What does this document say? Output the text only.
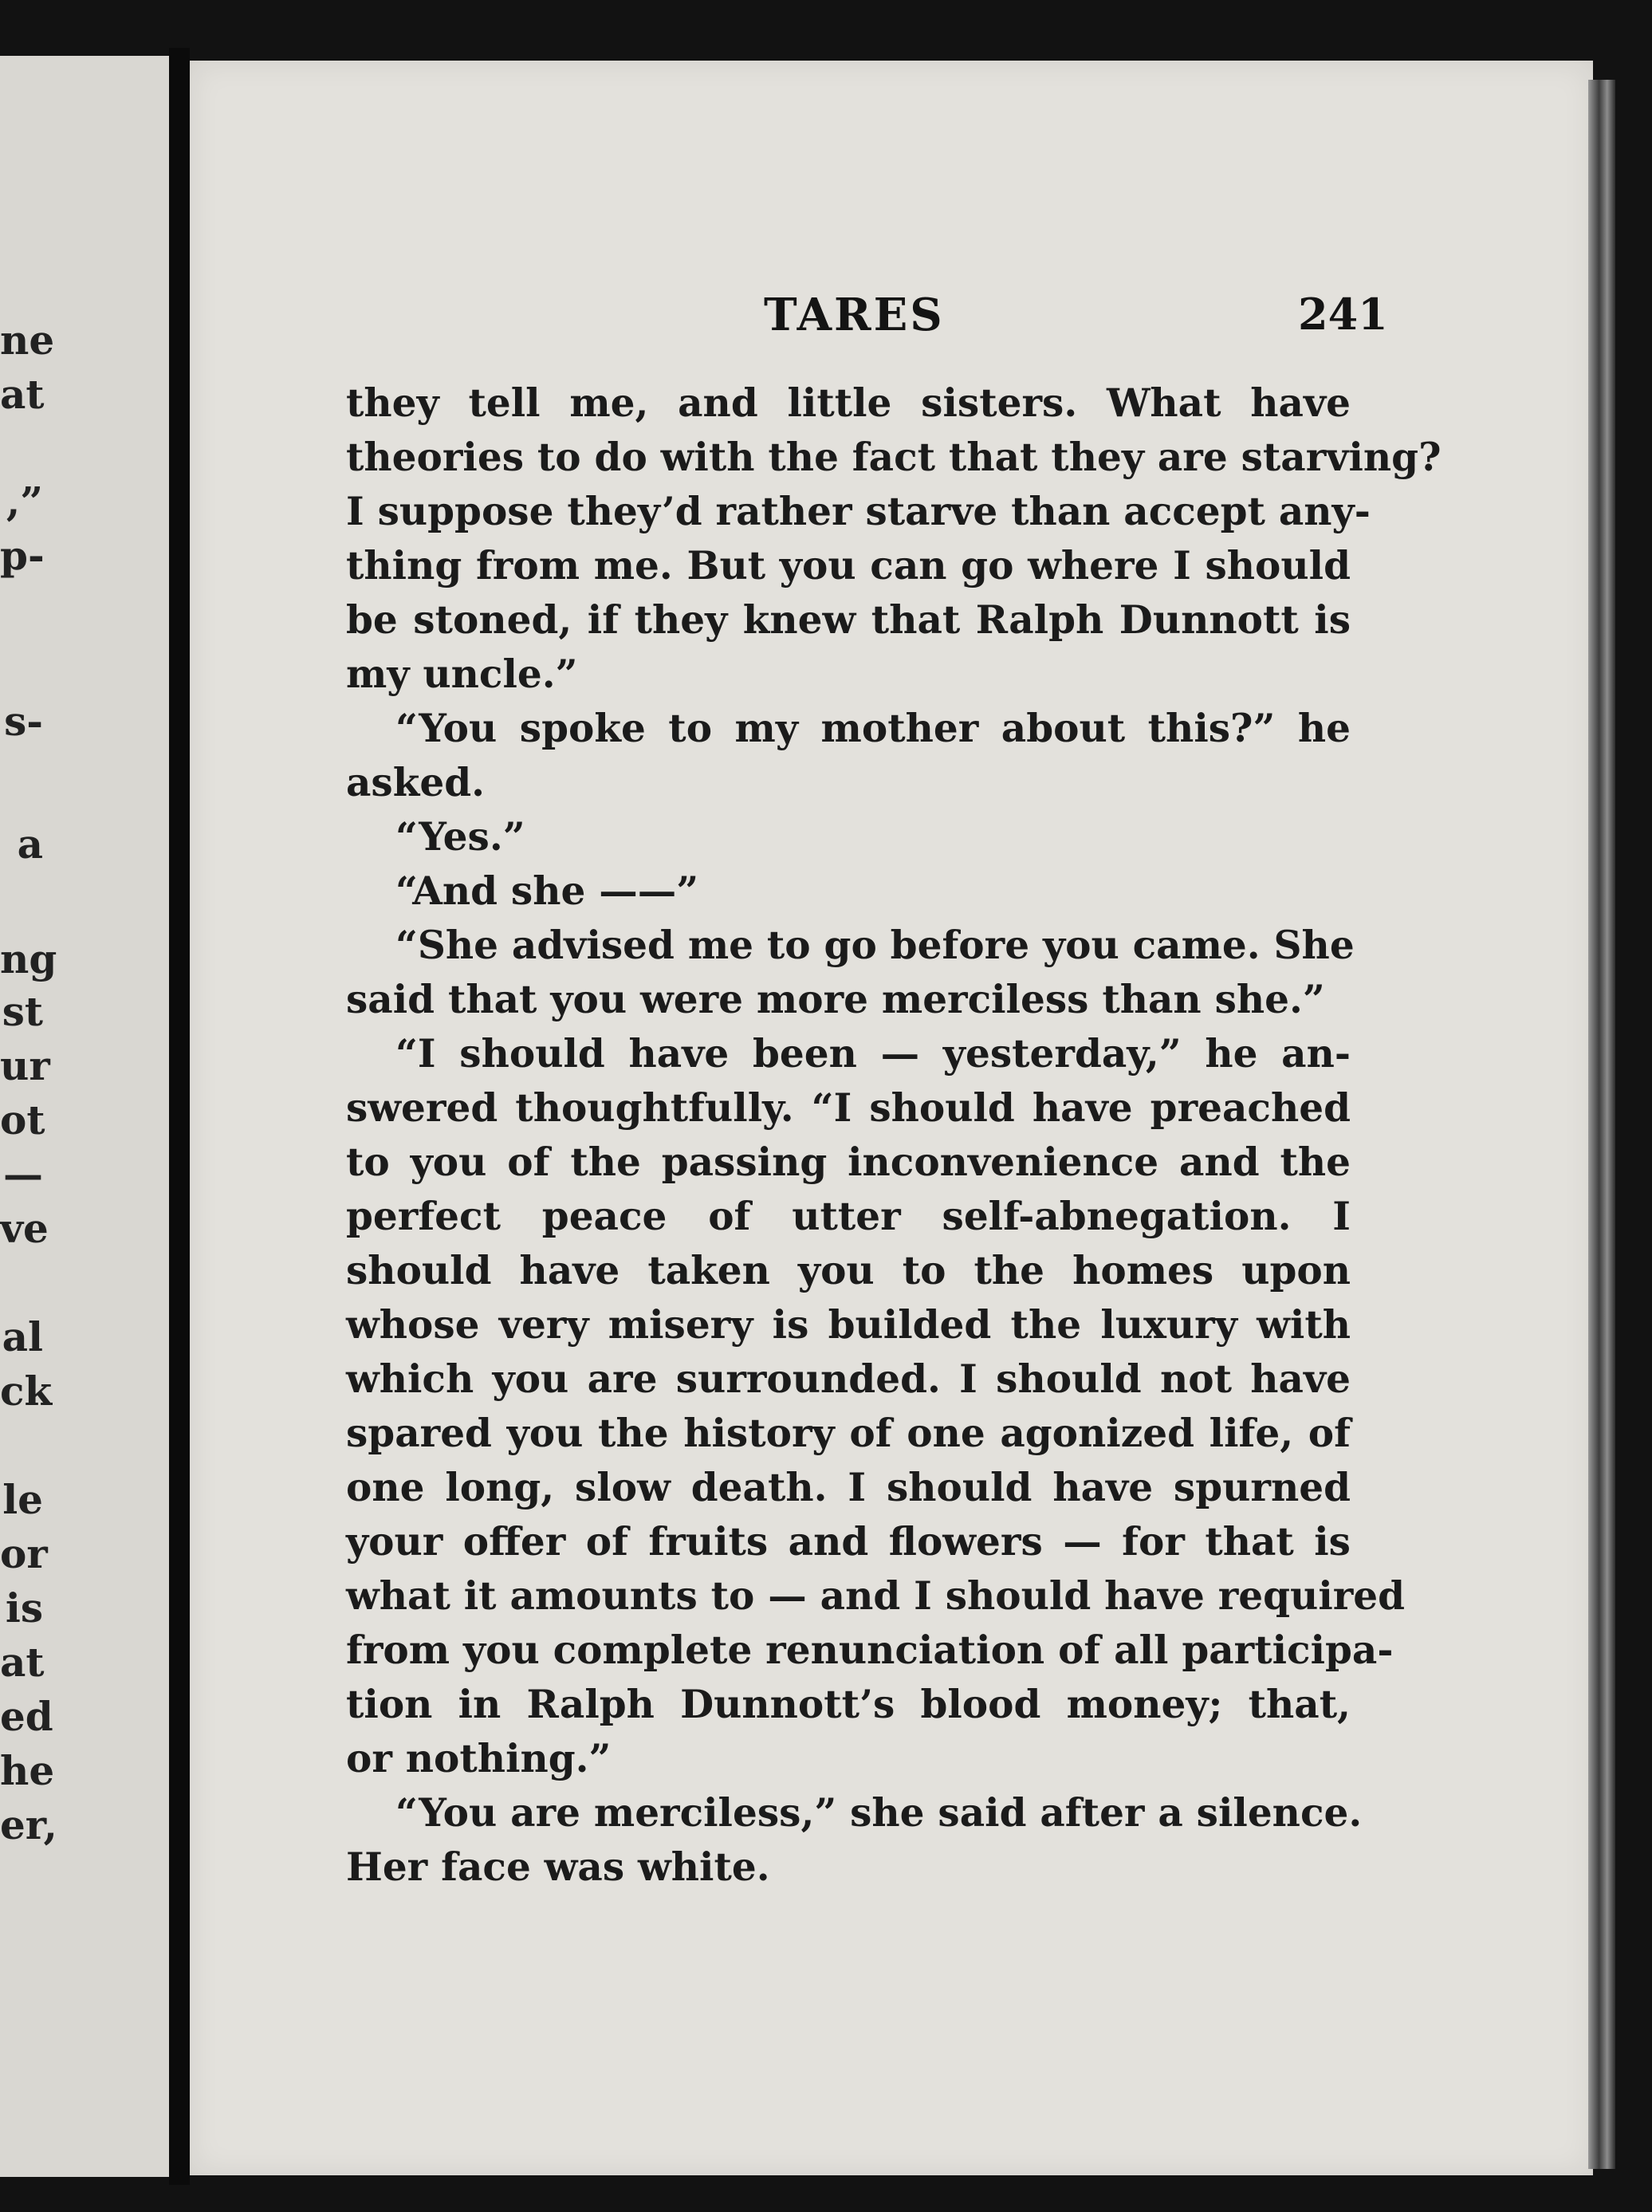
ne
at
,”
p-
s-
a
ng
st
ur
ot
—
ve
al
ck
le
or
is
at
ed
he
er,
TARES	241
they tell me, and little sisters. What have
theories to do with the fact that they are starving?
I suppose they’d rather starve than accept any-
thing from me. But you can go where I should
be stoned, if they knew that Ralph Dunnott is
my uncle.”
“You spoke to my mother about this?” he
asked.
“Yes.”
“And she ——”
“She advised me to go before you came. She
said that you were more merciless than she.”
“I should have been — yesterday,” he an-
swered thoughtfully. “I should have preached
to you of the passing inconvenience and the
perfect peace of utter self-abnegation. I
should have taken you to the homes upon
whose very misery is builded the luxury with
which you are surrounded. I should not have
spared you the history of one agonized life, of
one long, slow death. I should have spurned
your offer of fruits and flowers — for that is
what it amounts to — and I should have required
from you complete renunciation of all participa-
tion in Ralph Dunnott’s blood money; that,
or nothing.”
“You are merciless,” she said after a silence.
Her face was white.
